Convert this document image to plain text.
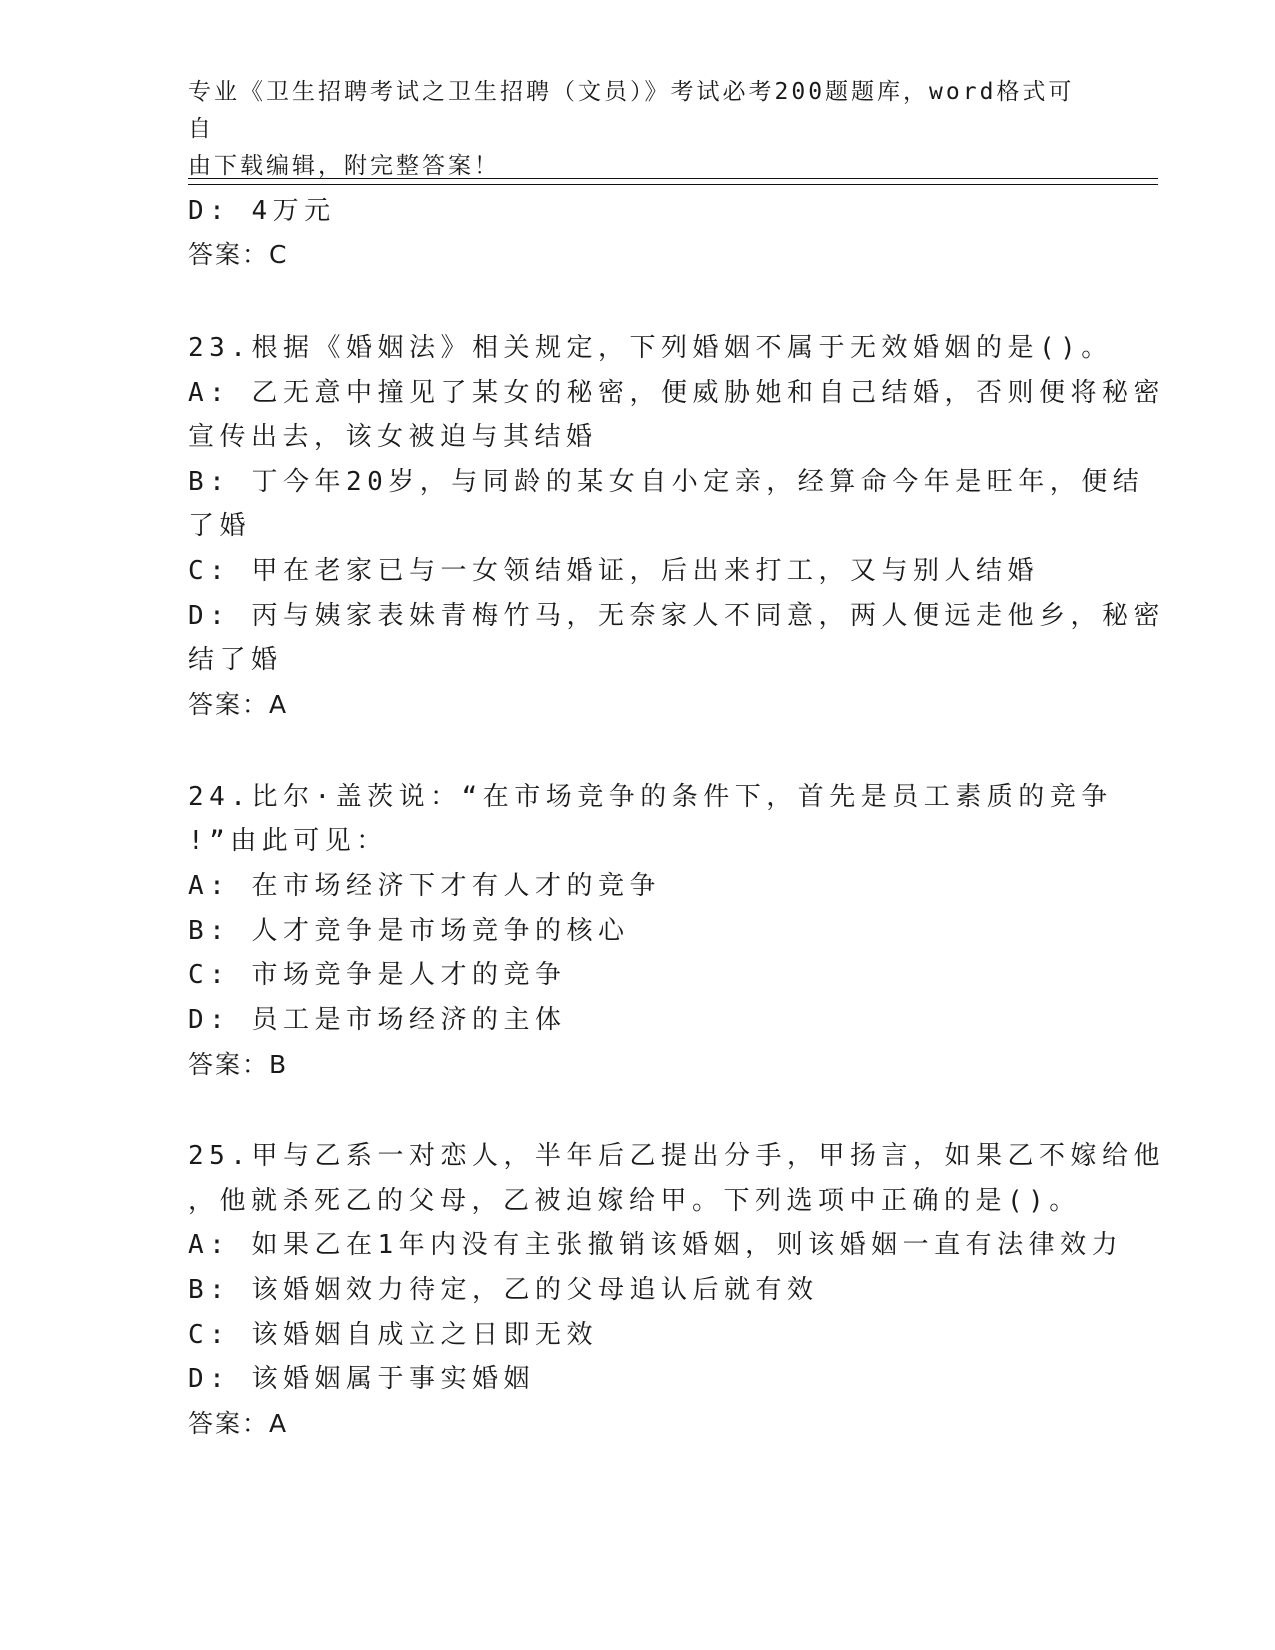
专业《卫生招聘考试之卫生招聘（文员）》考试必考200题题库，word格式可自
由下载编辑，附完整答案！
D: 4万元
答案：C
23.根据《婚姻法》相关规定，下列婚姻不属于无效婚姻的是()。
A: 乙无意中撞见了某女的秘密，便威胁她和自己结婚，否则便将秘密
宣传出去，该女被迫与其结婚
B: 丁今年20岁，与同龄的某女自小定亲，经算命今年是旺年，便结
了婚
C: 甲在老家已与一女领结婚证，后出来打工，又与别人结婚
D: 丙与姨家表妹青梅竹马，无奈家人不同意，两人便远走他乡，秘密
结了婚
答案：A
24.比尔·盖茨说：“在市场竞争的条件下，首先是员工素质的竞争
!”由此可见：
A: 在市场经济下才有人才的竞争
B: 人才竞争是市场竞争的核心
C: 市场竞争是人才的竞争
D: 员工是市场经济的主体
答案：B
25.甲与乙系一对恋人，半年后乙提出分手，甲扬言，如果乙不嫁给他
，他就杀死乙的父母，乙被迫嫁给甲。下列选项中正确的是()。
A: 如果乙在1年内没有主张撤销该婚姻，则该婚姻一直有法律效力
B: 该婚姻效力待定，乙的父母追认后就有效
C: 该婚姻自成立之日即无效
D: 该婚姻属于事实婚姻
答案：A
